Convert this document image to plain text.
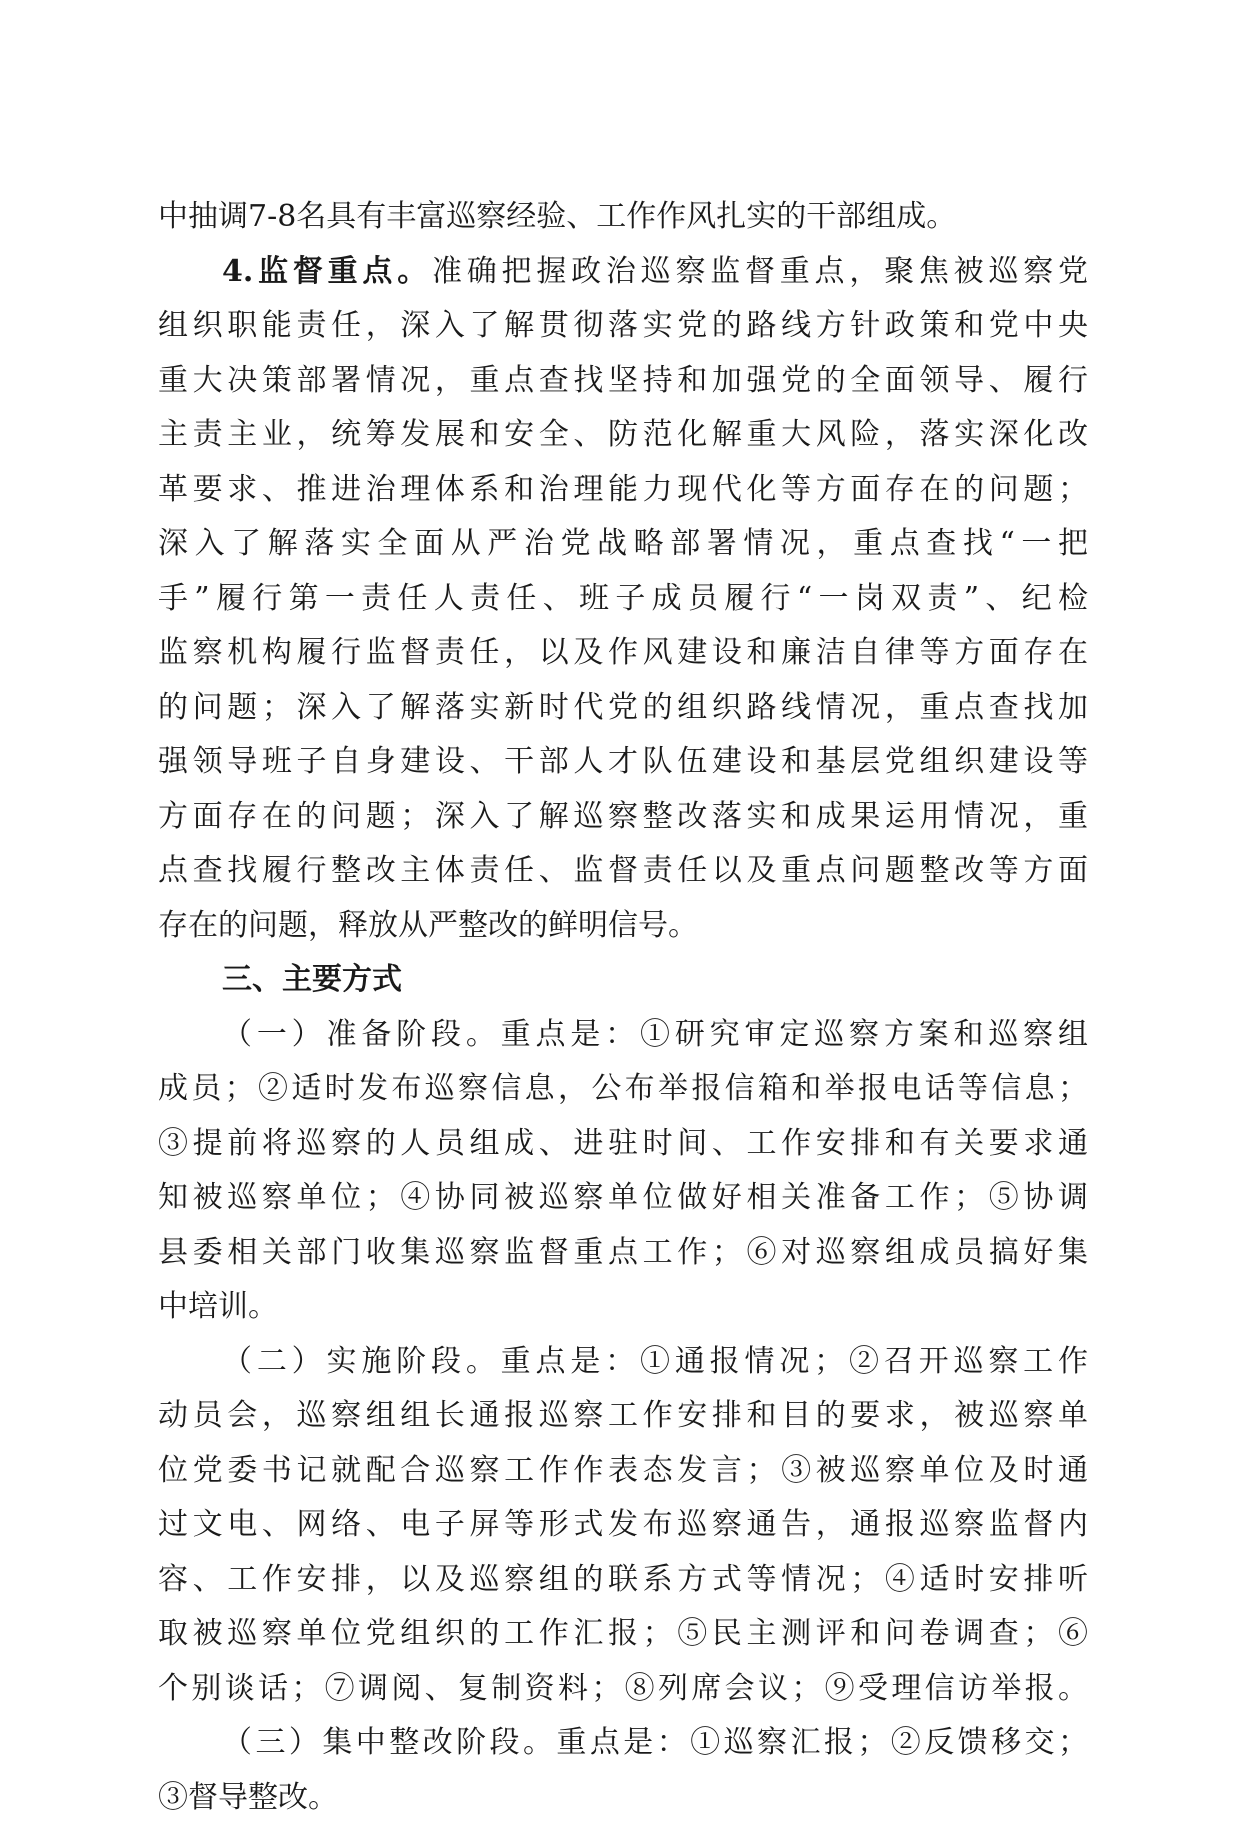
中抽调7-8名具有丰富巡察经验、工作作风扎实的干部组成。
4.监督重点。准确把握政治巡察监督重点，聚焦被巡察党
组织职能责任，深入了解贯彻落实党的路线方针政策和党中央
重大决策部署情况，重点查找坚持和加强党的全面领导、履行
主责主业，统筹发展和安全、防范化解重大风险，落实深化改
革要求、推进治理体系和治理能力现代化等方面存在的问题；
深入了解落实全面从严治党战略部署情况，重点查找“一把
手”履行第一责任人责任、班子成员履行“一岗双责”、纪检
监察机构履行监督责任，以及作风建设和廉洁自律等方面存在
的问题；深入了解落实新时代党的组织路线情况，重点查找加
强领导班子自身建设、干部人才队伍建设和基层党组织建设等
方面存在的问题；深入了解巡察整改落实和成果运用情况，重
点查找履行整改主体责任、监督责任以及重点问题整改等方面
存在的问题，释放从严整改的鲜明信号。
三、主要方式
（一）准备阶段。重点是：①研究审定巡察方案和巡察组
成员；②适时发布巡察信息，公布举报信箱和举报电话等信息；
③提前将巡察的人员组成、进驻时间、工作安排和有关要求通
知被巡察单位；④协同被巡察单位做好相关准备工作；⑤协调
县委相关部门收集巡察监督重点工作；⑥对巡察组成员搞好集
中培训。
（二）实施阶段。重点是：①通报情况；②召开巡察工作
动员会，巡察组组长通报巡察工作安排和目的要求，被巡察单
位党委书记就配合巡察工作作表态发言；③被巡察单位及时通
过文电、网络、电子屏等形式发布巡察通告，通报巡察监督内
容、工作安排，以及巡察组的联系方式等情况；④适时安排听
取被巡察单位党组织的工作汇报；⑤民主测评和问卷调查；⑥
个别谈话；⑦调阅、复制资料；⑧列席会议；⑨受理信访举报。
（三）集中整改阶段。重点是：①巡察汇报；②反馈移交；
③督导整改。
